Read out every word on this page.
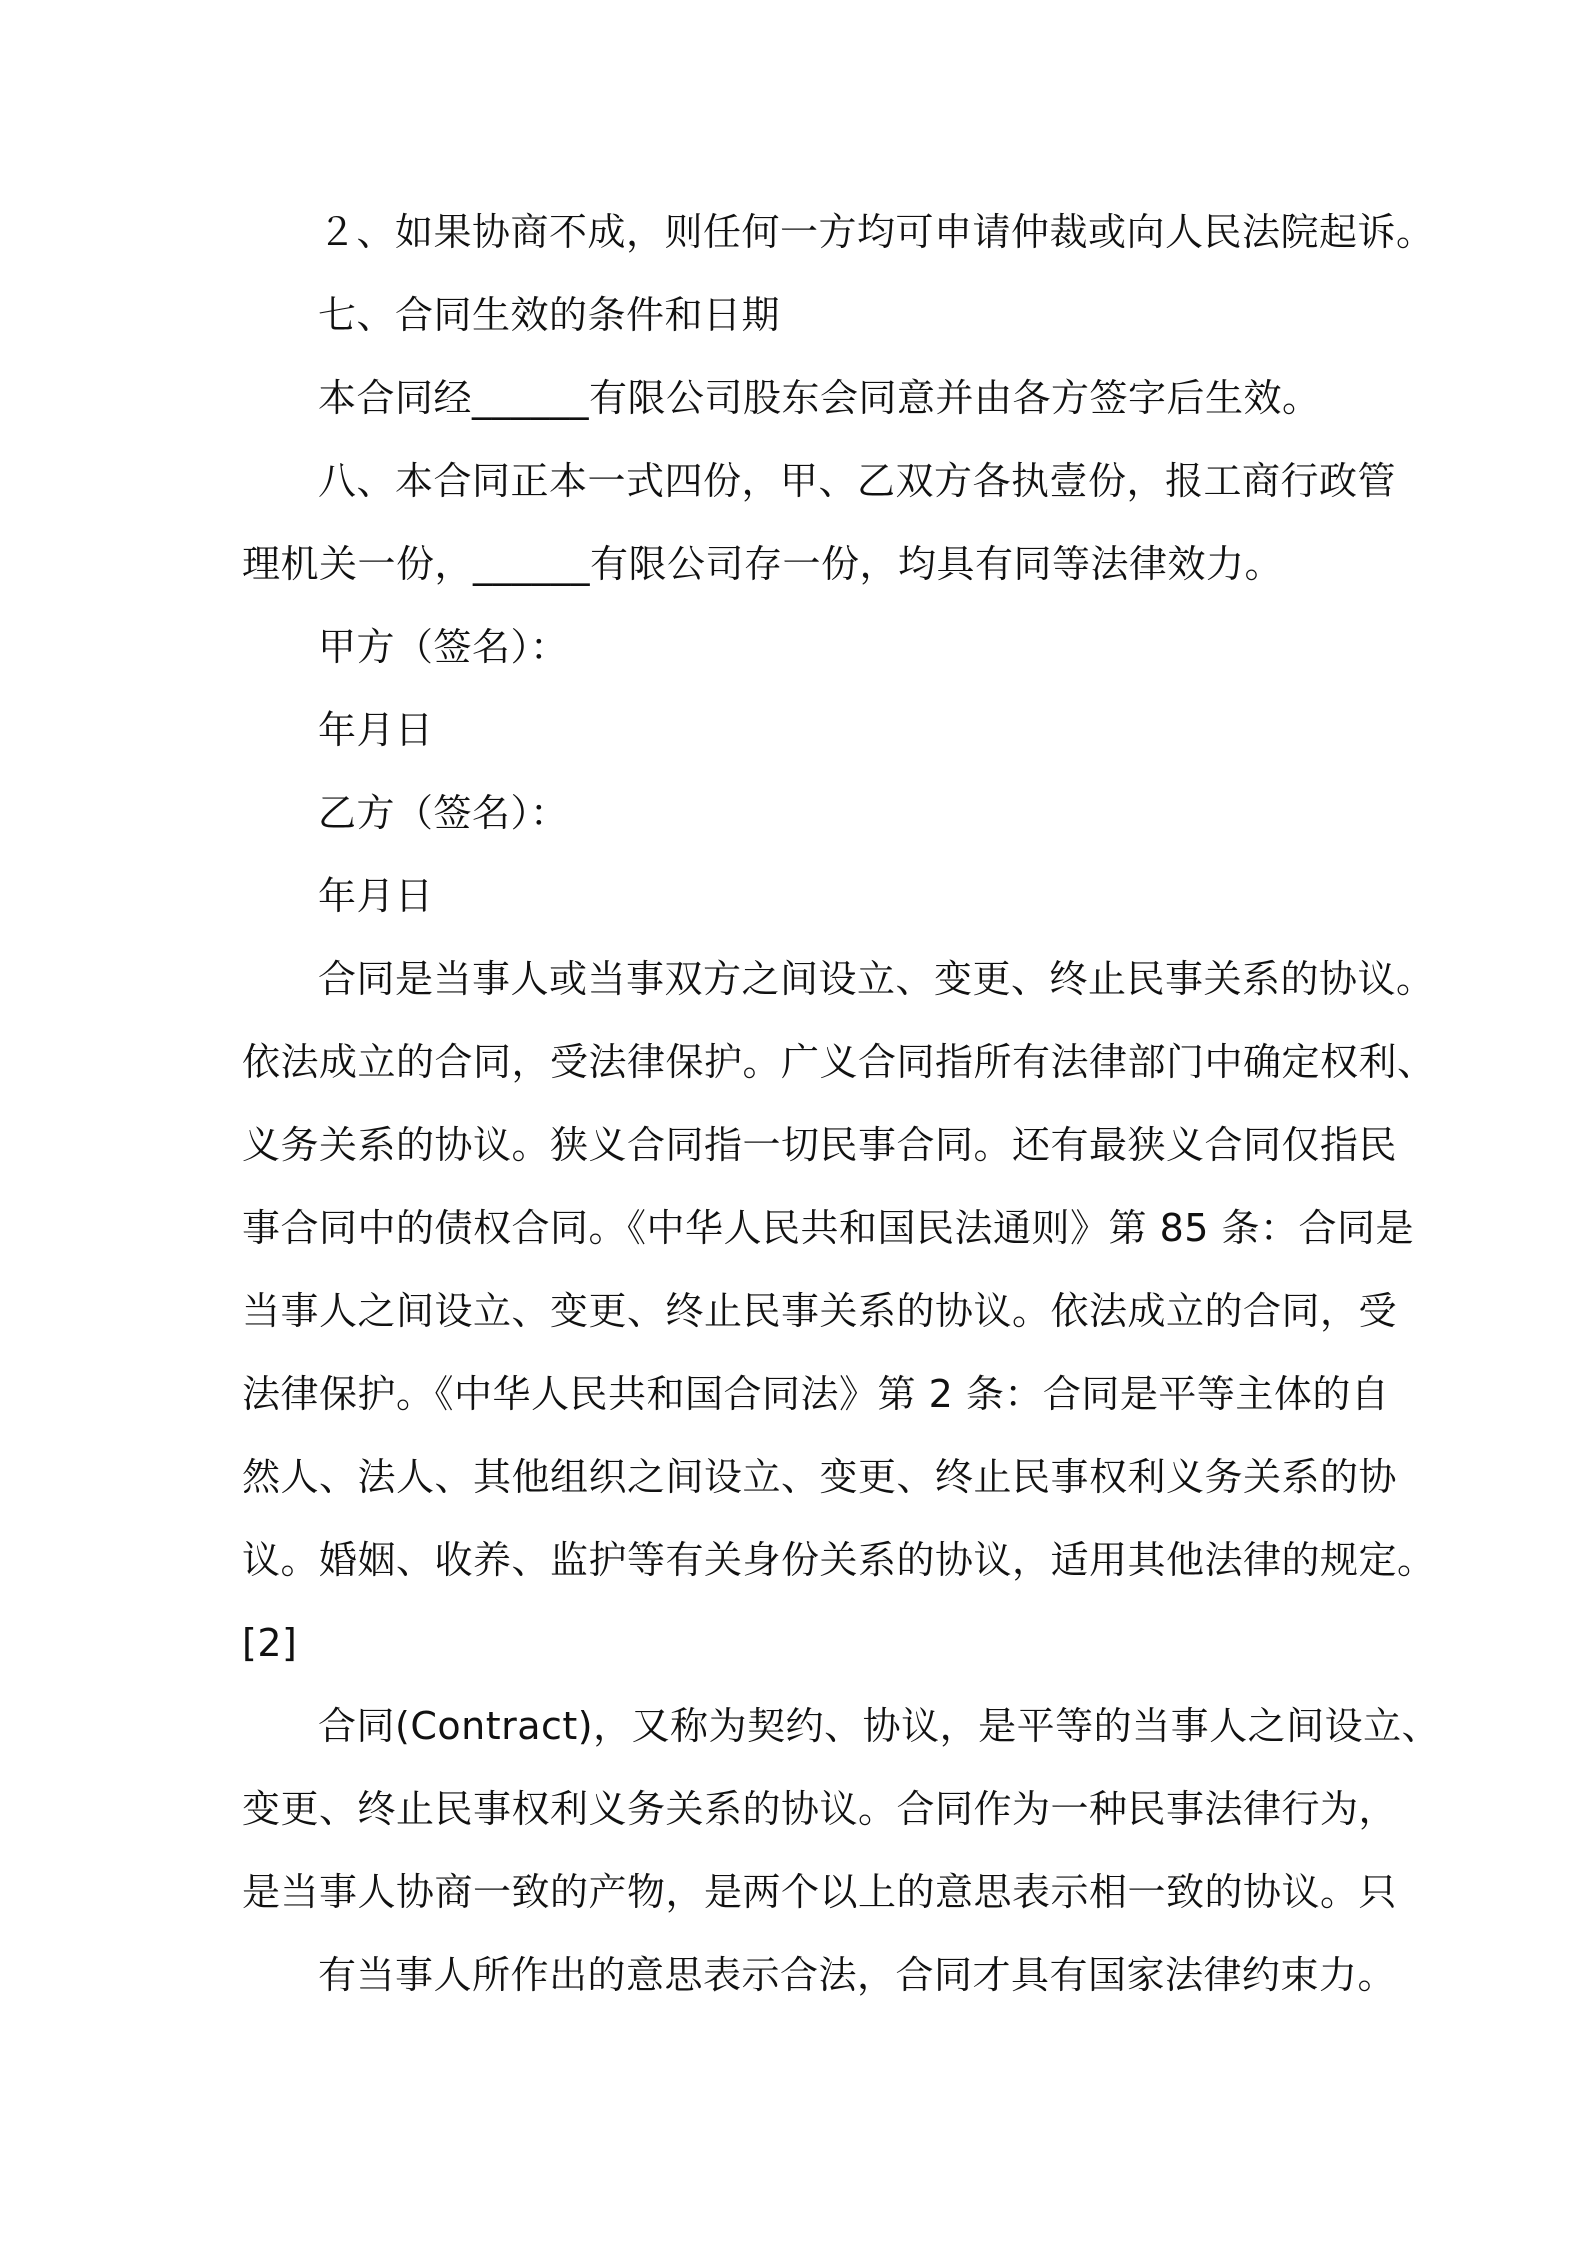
２、如果协商不成，则任何一方均可申请仲裁或向人民法院起诉。
七、合同生效的条件和日期
本合同经______有限公司股东会同意并由各方签字后生效。
八、本合同正本一式四份，甲、乙双方各执壹份，报工商行政管
理机关一份，______有限公司存一份，均具有同等法律效力。
甲方（签名）：
年月日
乙方（签名）：
年月日
合同是当事人或当事双方之间设立、变更、终止民事关系的协议。
依法成立的合同，受法律保护。广义合同指所有法律部门中确定权利、
义务关系的协议。狭义合同指一切民事合同。还有最狭义合同仅指民
事合同中的债权合同。《中华人民共和国民法通则》第 85 条：合同是
当事人之间设立、变更、终止民事关系的协议。依法成立的合同，受
法律保护。《中华人民共和国合同法》第 2 条：合同是平等主体的自
然人、法人、其他组织之间设立、变更、终止民事权利义务关系的协
议。婚姻、收养、监护等有关身份关系的协议，适用其他法律的规定。
[2]
合同(Contract)，又称为契约、协议，是平等的当事人之间设立、
变更、终止民事权利义务关系的协议。合同作为一种民事法律行为，
是当事人协商一致的产物，是两个以上的意思表示相一致的协议。只
有当事人所作出的意思表示合法，合同才具有国家法律约束力。
